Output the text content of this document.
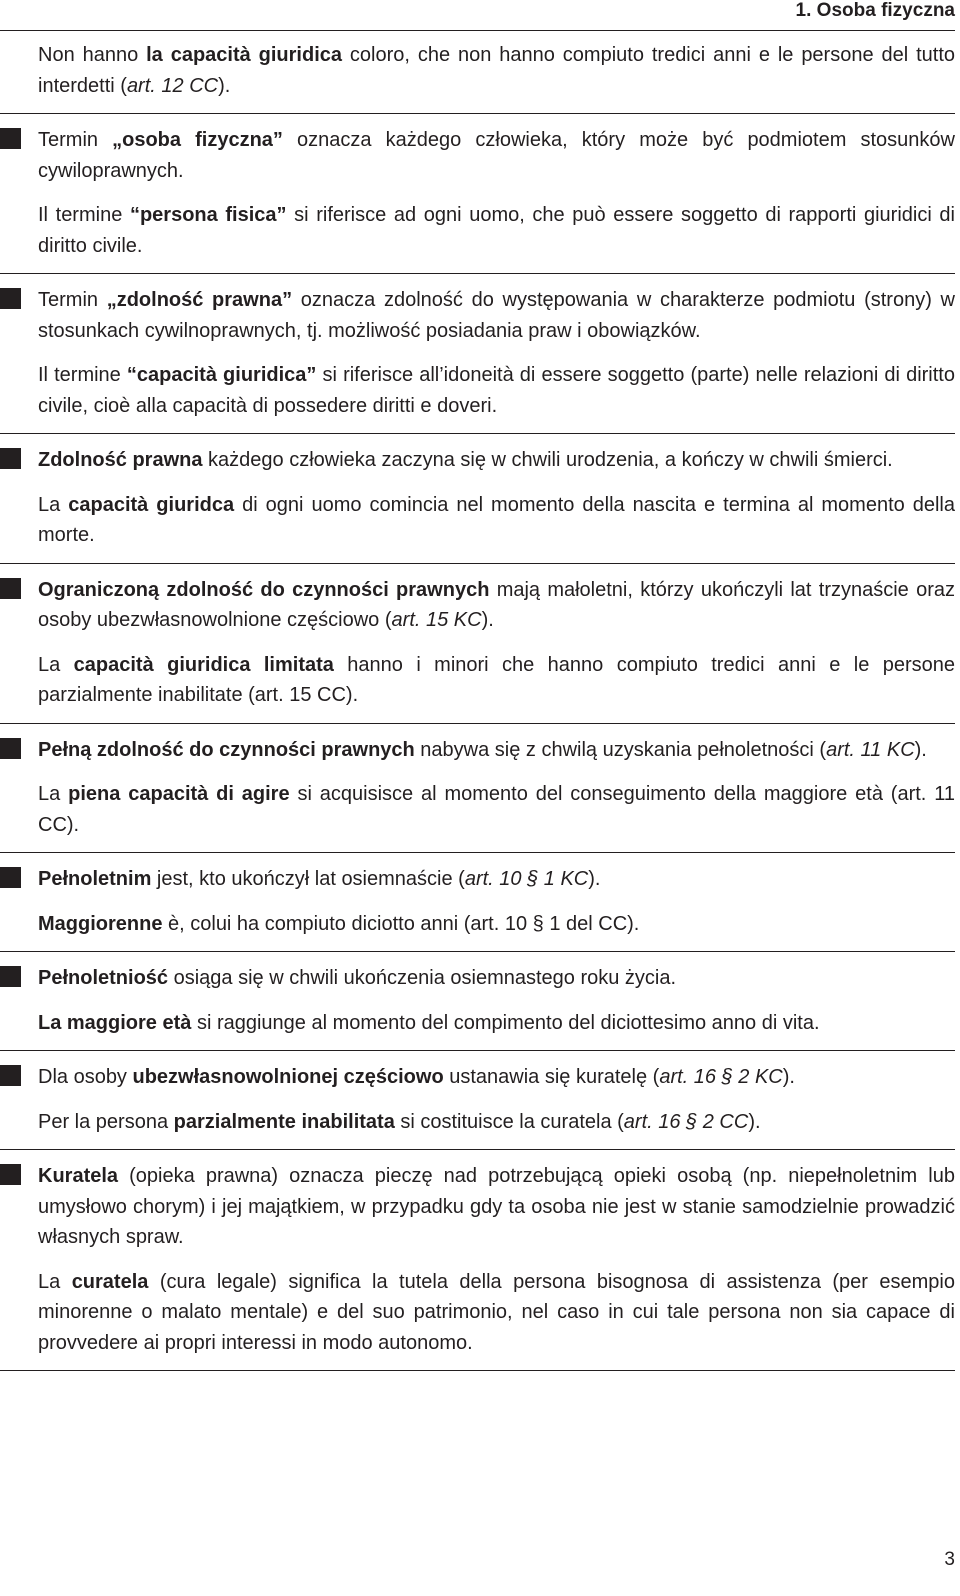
1. Osoba fizyczna

Non hanno la capacità giuridica coloro, che non hanno compiuto tredici anni e le persone del tutto interdetti (art. 12 CC).

Termin „osoba fizyczna” oznacza każdego człowieka, który może być podmiotem stosunków cywiloprawnych.

Il termine “persona fisica” si riferisce ad ogni uomo, che può essere soggetto di rapporti giuridici di diritto civile.

Termin „zdolność prawna” oznacza zdolność do występowania w charakterze podmiotu (strony) w stosunkach cywilnoprawnych, tj. możliwość posiadania praw i obowiązków.

Il termine “capacità giuridica” si riferisce all’idoneità di essere soggetto (parte) nelle relazioni di diritto civile, cioè alla capacità di possedere diritti e doveri.

Zdolność prawna każdego człowieka zaczyna się w chwili urodzenia, a kończy w chwili śmierci.

La capacità giuridca di ogni uomo comincia nel momento della nascita e termina al momento della morte.

Ograniczoną zdolność do czynności prawnych mają małoletni, którzy ukończyli lat trzynaście oraz osoby ubezwłasnowolnione częściowo (art. 15 KC).

La capacità giuridica limitata hanno i minori che hanno compiuto tredici anni e le persone parzialmente inabilitate (art. 15 CC).

Pełną zdolność do czynności prawnych nabywa się z chwilą uzyskania pełnoletności (art. 11 KC).

La piena capacità di agire si acquisisce al momento del conseguimento della maggiore età (art. 11 CC).

Pełnoletnim jest, kto ukończył lat osiemnaście (art. 10 § 1 KC).

Maggiorenne è, colui ha compiuto diciotto anni (art. 10 § 1 del CC).

Pełnoletniość osiąga się w chwili ukończenia osiemnastego roku życia.

La maggiore età si raggiunge al momento del compimento del diciottesimo anno di vita.

Dla osoby ubezwłasnowolnionej częściowo ustanawia się kuratelę (art. 16 § 2 KC).

Per la persona parzialmente inabilitata si costituisce la curatela (art. 16 § 2 CC).

Kuratela (opieka prawna) oznacza pieczę nad potrzebującą opieki osobą (np. niepełnoletnim lub umysłowo chorym) i jej majątkiem, w przypadku gdy ta osoba nie jest w stanie samodzielnie prowadzić własnych spraw.

La curatela (cura legale) significa la tutela della persona bisognosa di assistenza (per esempio minorenne o malato mentale) e del suo patrimonio, nel caso in cui tale persona non sia capace di provvedere ai propri interessi in modo autonomo.

3
